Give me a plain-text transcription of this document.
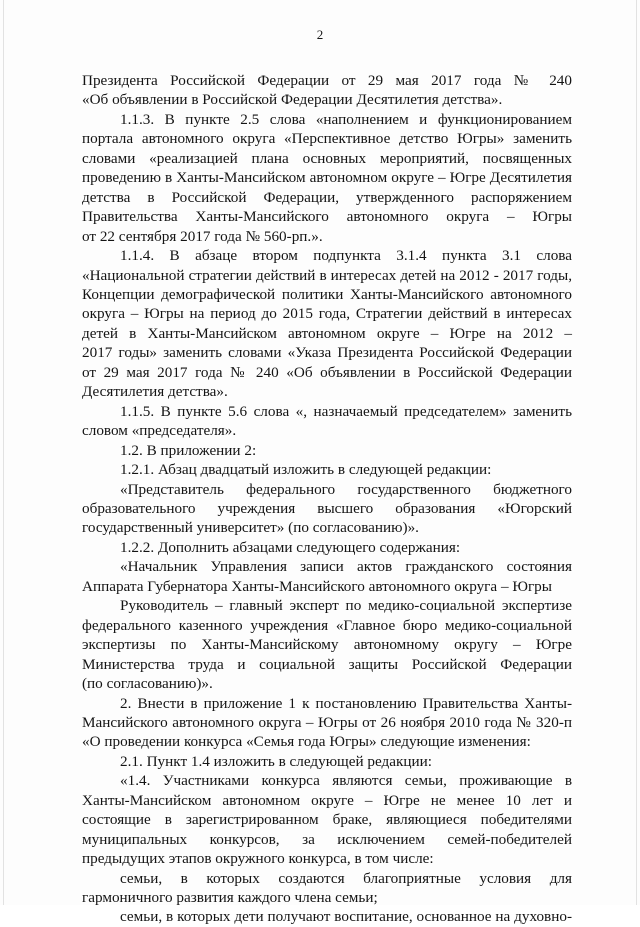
2
Президента Российской Федерации от 29 мая 2017 года № 240
«Об объявлении в Российской Федерации Десятилетия детства».
1.1.3. В пункте 2.5 слова «наполнением и функционированием
портала автономного округа «Перспективное детство Югры» заменить
словами «реализацией плана основных мероприятий, посвященных
проведению в Ханты-Мансийском автономном округе – Югре Десятилетия
детства в Российской Федерации, утвержденного распоряжением
Правительства Ханты-Мансийского автономного округа – Югры
от 22 сентября 2017 года № 560-рп.».
1.1.4. В абзаце втором подпункта 3.1.4 пункта 3.1 слова
«Национальной стратегии действий в интересах детей на 2012 - 2017 годы,
Концепции демографической политики Ханты-Мансийского автономного
округа – Югры на период до 2015 года, Стратегии действий в интересах
детей в Ханты-Мансийском автономном округе – Югре на 2012 –
2017 годы» заменить словами «Указа Президента Российской Федерации
от 29 мая 2017 года № 240 «Об объявлении в Российской Федерации
Десятилетия детства».
1.1.5. В пункте 5.6 слова «, назначаемый председателем» заменить
словом «председателя».
1.2. В приложении 2:
1.2.1. Абзац двадцатый изложить в следующей редакции:
«Представитель федерального государственного бюджетного
образовательного учреждения высшего образования «Югорский
государственный университет» (по согласованию)».
1.2.2. Дополнить абзацами следующего содержания:
«Начальник Управления записи актов гражданского состояния
Аппарата Губернатора Ханты-Мансийского автономного округа – Югры
Руководитель – главный эксперт по медико-социальной экспертизе
федерального казенного учреждения «Главное бюро медико-социальной
экспертизы по Ханты-Мансийскому автономному округу – Югре
Министерства труда и социальной защиты Российской Федерации
(по согласованию)».
2. Внести в приложение 1 к постановлению Правительства Ханты-
Мансийского автономного округа – Югры от 26 ноября 2010 года № 320-п
«О проведении конкурса «Семья года Югры» следующие изменения:
2.1. Пункт 1.4 изложить в следующей редакции:
«1.4. Участниками конкурса являются семьи, проживающие в
Ханты-Мансийском автономном округе – Югре не менее 10 лет и
состоящие в зарегистрированном браке, являющиеся победителями
муниципальных конкурсов, за исключением семей-победителей
предыдущих этапов окружного конкурса, в том числе:
семьи, в которых создаются благоприятные условия для
гармоничного развития каждого члена семьи;
семьи, в которых дети получают воспитание, основанное на духовно-
